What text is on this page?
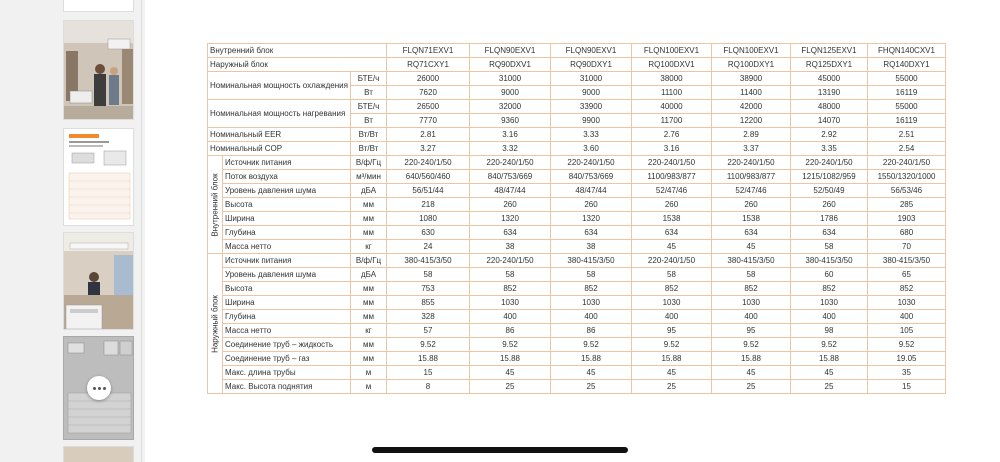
Внутренний блок			FLQN71EXV1	FLQN90EXV1	FLQN90EXV1	FLQN100EXV1	FLQN100EXV1	FLQN125EXV1	FHQN140CXV1
Наружный блок			RQ71CXY1	RQ90DXV1	RQ90DXY1	RQ100DXV1	RQ100DXY1	RQ125DXY1	RQ140DXY1
Номинальная мощность охлаждения		БТЕ/ч	26000	31000	31000	38000	38900	45000	55000
		Вт	7620	9000	9000	11100	11400	13190	16119
Номинальная мощность нагревания		БТЕ/ч	26500	32000	33900	40000	42000	48000	55000
		Вт	7770	9360	9900	11700	12200	14070	16119
Номинальный EER		Вт/Вт	2.81	3.16	3.33	2.76	2.89	2.92	2.51
Номинальный COP		Вт/Вт	3.27	3.32	3.60	3.16	3.37	3.35	2.54

Внутренний блок	Источник питания	В/ф/Гц	220-240/1/50	220-240/1/50	220-240/1/50	220-240/1/50	220-240/1/50	220-240/1/50	220-240/1/50
	Поток воздуха	м³/мин	640/560/460	840/753/669	840/753/669	1100/983/877	1100/983/877	1215/1082/959	1550/1320/1000
	Уровень давления шума	дБА	56/51/44	48/47/44	48/47/44	52/47/46	52/47/46	52/50/49	56/53/46
	Высота	мм	218	260	260	260	260	260	285
	Ширина	мм	1080	1320	1320	1538	1538	1786	1903
	Глубина	мм	630	634	634	634	634	634	680
	Масса нетто	кг	24	38	38	45	45	58	70

Наружный блок	Источник питания	В/ф/Гц	380-415/3/50	220-240/1/50	380-415/3/50	220-240/1/50	380-415/3/50	380-415/3/50	380-415/3/50
	Уровень давления шума	дБА	58	58	58	58	58	60	65
	Высота	мм	753	852	852	852	852	852	852
	Ширина	мм	855	1030	1030	1030	1030	1030	1030
	Глубина	мм	328	400	400	400	400	400	400
	Масса нетто	кг	57	86	86	95	95	98	105
	Соединение труб – жидкость	мм	9.52	9.52	9.52	9.52	9.52	9.52	9.52
	Соединение труб – газ	мм	15.88	15.88	15.88	15.88	15.88	15.88	19.05
	Макс. длина трубы	м	15	45	45	45	45	45	35
	Макс. Высота поднятия	м	8	25	25	25	25	25	15
